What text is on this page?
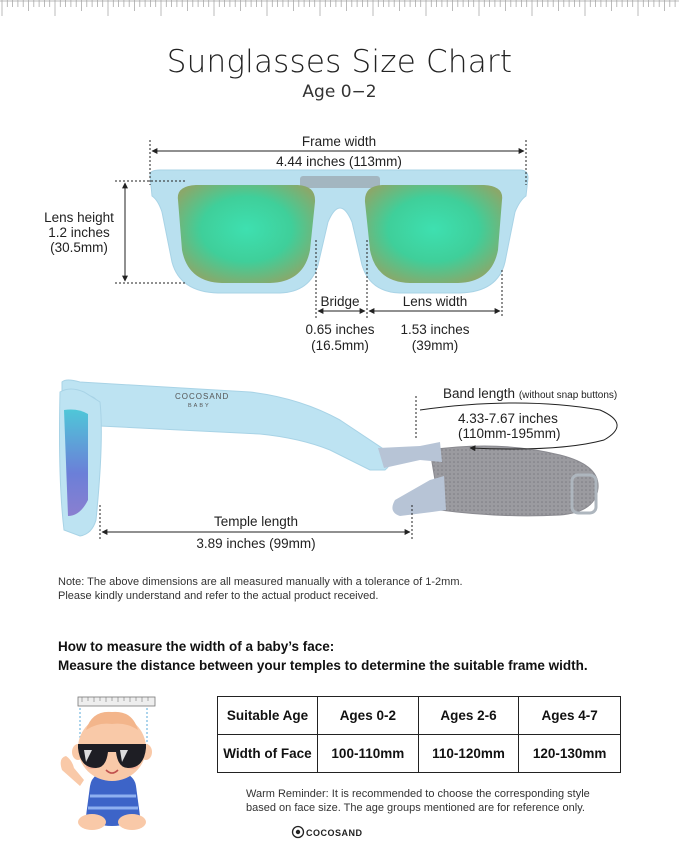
Sunglasses Size Chart
Age 0−2
COCOSAND
BABY
Frame width
4.44 inches (113mm)
Lens height
1.2 inches
(30.5mm)
Bridge
0.65 inches
(16.5mm)
Lens width
1.53 inches
(39mm)
Band length (without snap buttons)
4.33-7.67 inches
(110mm-195mm)
Temple length
3.89 inches (99mm)
Note: The above dimensions are all measured manually with a tolerance of 1-2mm.
Please kindly understand and refer to the actual product received.
How to measure the width of a baby’s face:
Measure the distance between your temples to determine the suitable frame width.
Suitable Age	Ages 0-2	Ages 2-6	Ages 4-7
Width of Face	100-110mm	110-120mm	120-130mm
Warm Reminder: It is recommended to choose the corresponding style
based on face size. The age groups mentioned are for reference only.
COCOSAND
